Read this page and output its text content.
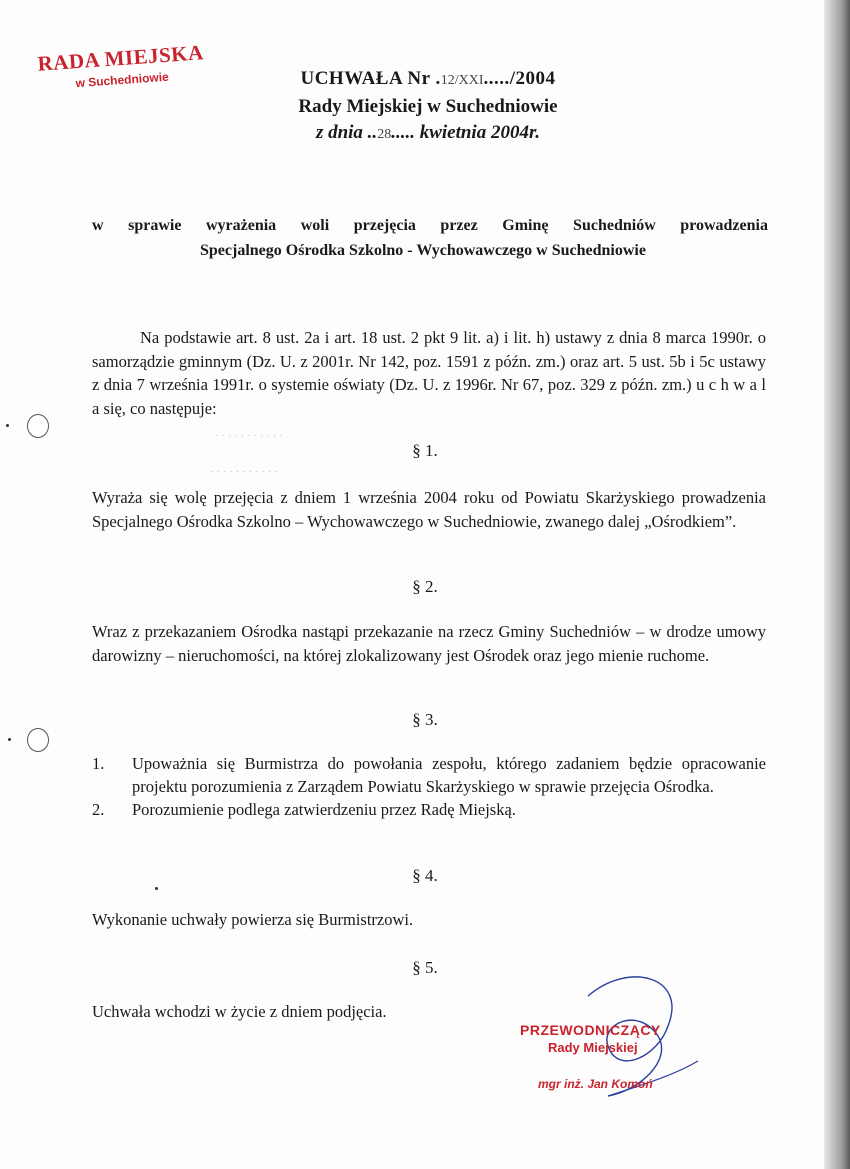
RADA MIEJSKA
w Suchedniowie	UCHWAŁA Nr .12/XXI...../2004
Rady Miejskiej w Suchedniowie
z dnia ..28..... kwietnia 2004r.
w sprawie wyrażenia woli przejęcia przez Gminę Suchedniów prowadzenia
Specjalnego Ośrodka Szkolno - Wychowawczego w Suchedniowie
Na podstawie art. 8 ust. 2a i art. 18 ust. 2 pkt 9 lit. a) i lit. h) ustawy z dnia 8 marca 1990r. o samorządzie gminnym (Dz. U. z 2001r. Nr 142, poz. 1591 z późn. zm.) oraz art. 5 ust. 5b i 5c ustawy z dnia 7 września 1991r. o systemie oświaty (Dz. U. z 1996r. Nr 67, poz. 329 z późn. zm.) u c h w a l a się, co następuje:
· · · · · · · · · · ·
· · · · · · · · · · ·
§ 1.
Wyraża się wolę przejęcia z dniem 1 września 2004 roku od Powiatu Skarżyskiego prowadzenia Specjalnego Ośrodka Szkolno – Wychowawczego w Suchedniowie, zwanego dalej „Ośrodkiem”.
§ 2.
Wraz z przekazaniem Ośrodka nastąpi przekazanie na rzecz Gminy Suchedniów – w drodze umowy darowizny – nieruchomości, na której zlokalizowany jest Ośrodek oraz jego mienie ruchome.
§ 3.
1.	Upoważnia się Burmistrza do powołania zespołu, którego zadaniem będzie opracowanie projektu porozumienia z Zarządem Powiatu Skarżyskiego w sprawie przejęcia Ośrodka.
2.	Porozumienie podlega zatwierdzeniu przez Radę Miejską.
§ 4.
Wykonanie uchwały powierza się Burmistrzowi.
§ 5.
Uchwała wchodzi w życie z dniem podjęcia.
PRZEWODNICZĄCY
Rady Miejskiej
mgr inż. Jan Komoń
